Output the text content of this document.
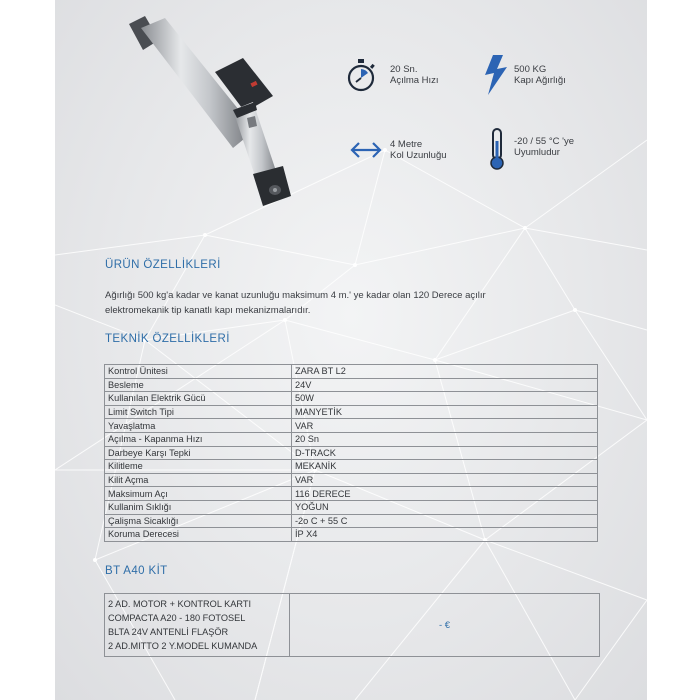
20 Sn.
Açılma Hızı
500 KG
Kapı Ağırlığı
4 Metre
Kol Uzunluğu
-20 / 55 °C 'ye
Uyumludur
ÜRÜN ÖZELLİKLERİ
Ağırlığı 500 kg'a kadar ve kanat uzunluğu maksimum 4 m.' ye kadar olan 120 Derece açılır
elektromekanik tip kanatlı kapı mekanizmalarıdır.
TEKNİK ÖZELLİKLERİ
Kontrol Ünitesi	ZARA BT L2
Besleme	24V
Kullanılan Elektrik Gücü	50W
Limit Switch Tipi	MANYETİK
Yavaşlatma	VAR
Açılma - Kapanma Hızı	20 Sn
Darbeye Karşı Tepki	D-TRACK
Kilitleme	MEKANİK
Kilit Açma	VAR
Maksimum Açı	116 DERECE
Kullanim Sıklığı	YOĞUN
Çalişma Sicaklığı	-2o C + 55 C
Koruma Derecesi	İP X4
BT A40 KİT
2 AD. MOTOR + KONTROL KARTI
COMPACTA A20 - 180 FOTOSEL
BLTA 24V ANTENLİ FLAŞÖR
2 AD.MITTO 2 Y.MODEL KUMANDA
	- €
